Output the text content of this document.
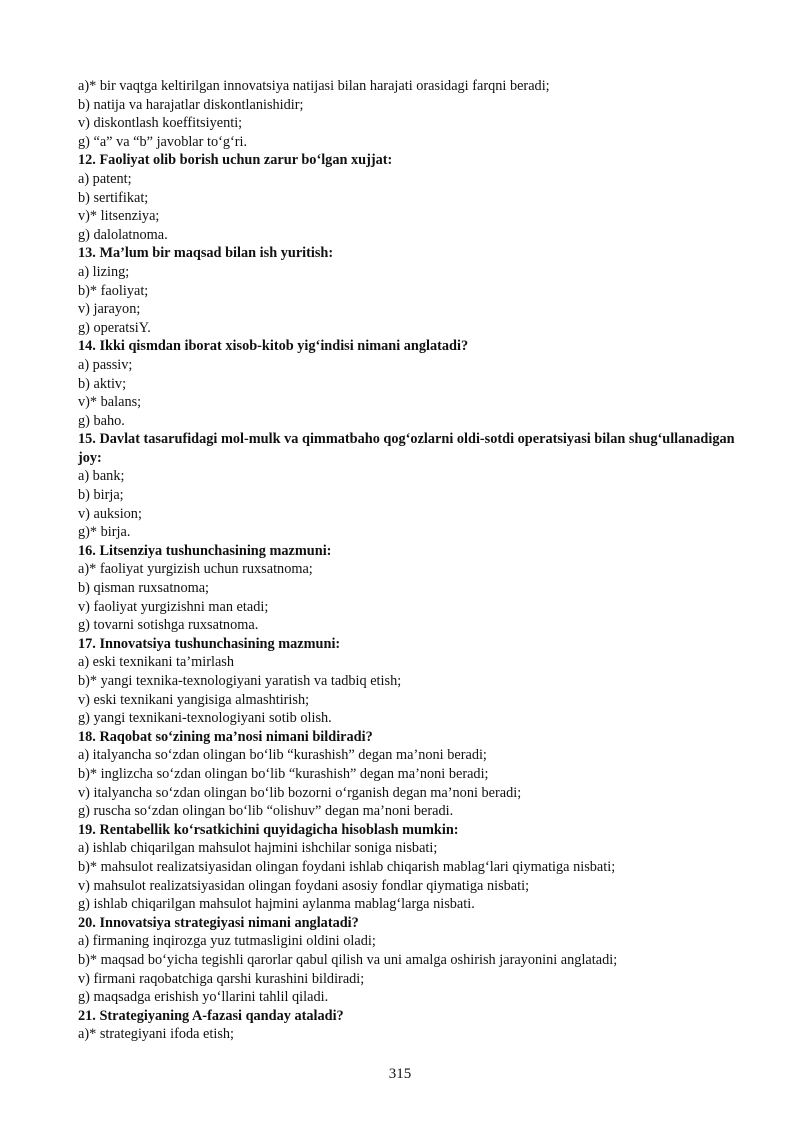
a)* bir vaqtga keltirilgan innovatsiya natijasi bilan harajati orasidagi farqni beradi;
b) natija va harajatlar diskontlanishidir;
v) diskontlash koeffitsiyenti;
g) “a” va “b” javoblar to‘g‘ri.
12. Faoliyat olib borish uchun zarur bo‘lgan xujjat:
a) patent;
b) sertifikat;
v)* litsenziya;
g) dalolatnoma.
13. Ma’lum bir maqsad bilan ish yuritish:
a) lizing;
b)* faoliyat;
v) jarayon;
g) operatsiY.
14. Ikki qismdan iborat xisob-kitob yig‘indisi nimani anglatadi?
a) passiv;
b) aktiv;
v)* balans;
g) baho.
15. Davlat tasarufidagi mol-mulk va qimmatbaho qog‘ozlarni oldi-sotdi operatsiyasi bilan shug‘ullanadigan joy:
a) bank;
b) birja;
v) auksion;
g)* birja.
16. Litsenziya tushunchasining mazmuni:
a)* faoliyat yurgizish uchun ruxsatnoma;
b) qisman ruxsatnoma;
v) faoliyat yurgizishni man etadi;
g) tovarni sotishga ruxsatnoma.
17. Innovatsiya tushunchasining mazmuni:
a) eski texnikani ta’mirlash
b)* yangi texnika-texnologiyani yaratish va tadbiq etish;
v) eski texnikani yangisiga almashtirish;
g) yangi texnikani-texnologiyani sotib olish.
18. Raqobat so‘zining ma’nosi nimani bildiradi?
a) italyancha so‘zdan olingan bo‘lib “kurashish” degan ma’noni beradi;
b)* inglizcha so‘zdan olingan bo‘lib “kurashish” degan ma’noni beradi;
v) italyancha so‘zdan olingan bo‘lib bozorni o‘rganish degan ma’noni beradi;
g) ruscha so‘zdan olingan bo‘lib “olishuv” degan ma’noni beradi.
19. Rentabellik ko‘rsatkichini quyidagicha hisoblash mumkin:
a) ishlab chiqarilgan mahsulot hajmini ishchilar soniga nisbati;
b)* mahsulot realizatsiyasidan olingan foydani ishlab chiqarish mablag‘lari qiymatiga nisbati;
v) mahsulot realizatsiyasidan olingan foydani asosiy fondlar qiymatiga nisbati;
g) ishlab chiqarilgan mahsulot hajmini aylanma mablag‘larga nisbati.
20. Innovatsiya strategiyasi nimani anglatadi?
a) firmaning inqirozga yuz tutmasligini oldini oladi;
b)* maqsad bo‘yicha tegishli qarorlar qabul qilish va uni amalga oshirish jarayonini anglatadi;
v) firmani raqobatchiga qarshi kurashini bildiradi;
g) maqsadga erishish yo‘llarini tahlil qiladi.
21. Strategiyaning A-fazasi qanday ataladi?
a)* strategiyani ifoda etish;
315
